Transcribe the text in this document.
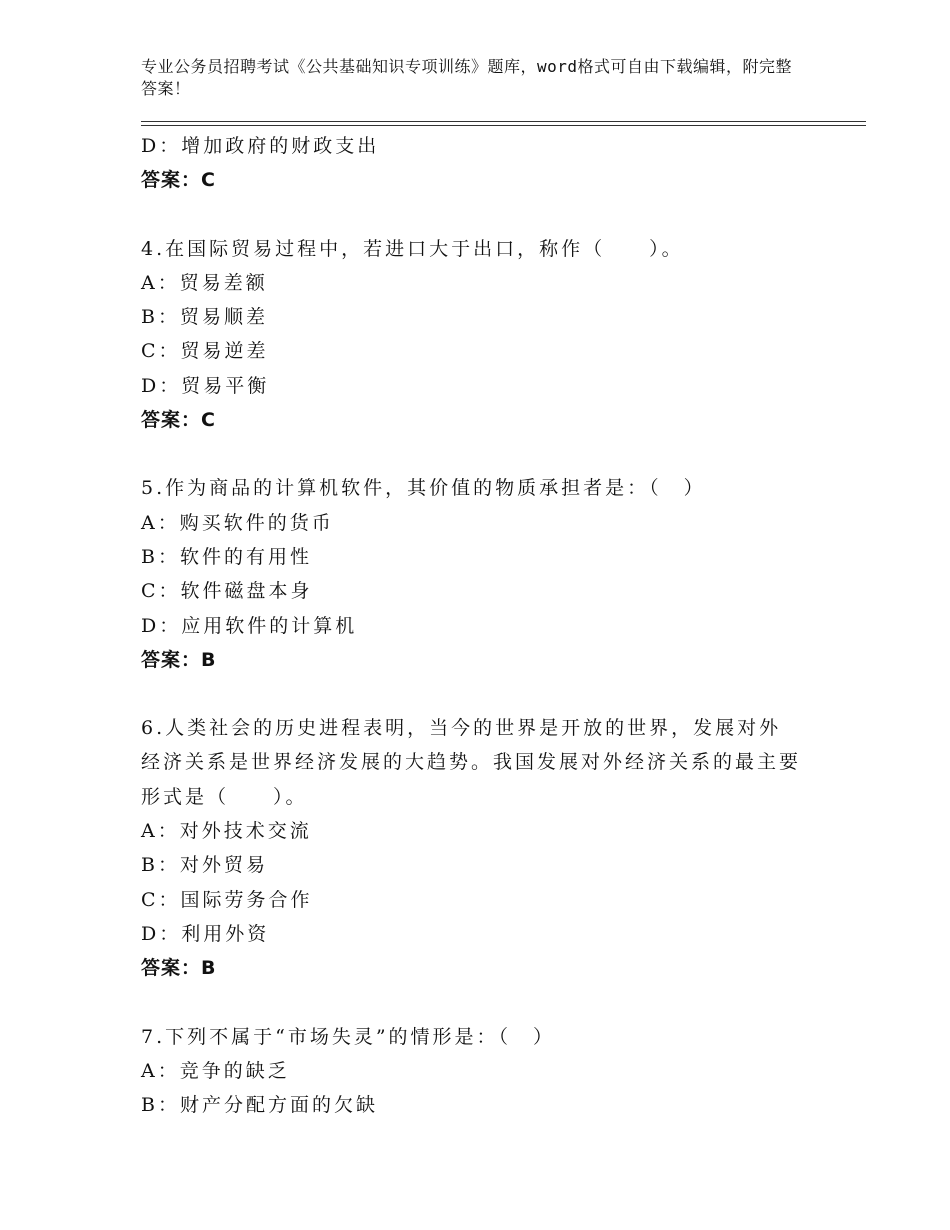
专业公务员招聘考试《公共基础知识专项训练》题库，word格式可自由下载编辑，附完整答案！
D：增加政府的财政支出
答案：C
4.在国际贸易过程中，若进口大于出口，称作（　　）。
A：贸易差额
B：贸易顺差
C：贸易逆差
D：贸易平衡
答案：C
5.作为商品的计算机软件，其价值的物质承担者是：（　）
A：购买软件的货币
B：软件的有用性
C：软件磁盘本身
D：应用软件的计算机
答案：B
6.人类社会的历史进程表明，当今的世界是开放的世界，发展对外经济关系是世界经济发展的大趋势。我国发展对外经济关系的最主要形式是（　　）。
A：对外技术交流
B：对外贸易
C：国际劳务合作
D：利用外资
答案：B
7.下列不属于“市场失灵”的情形是：（　）
A：竞争的缺乏
B：财产分配方面的欠缺
